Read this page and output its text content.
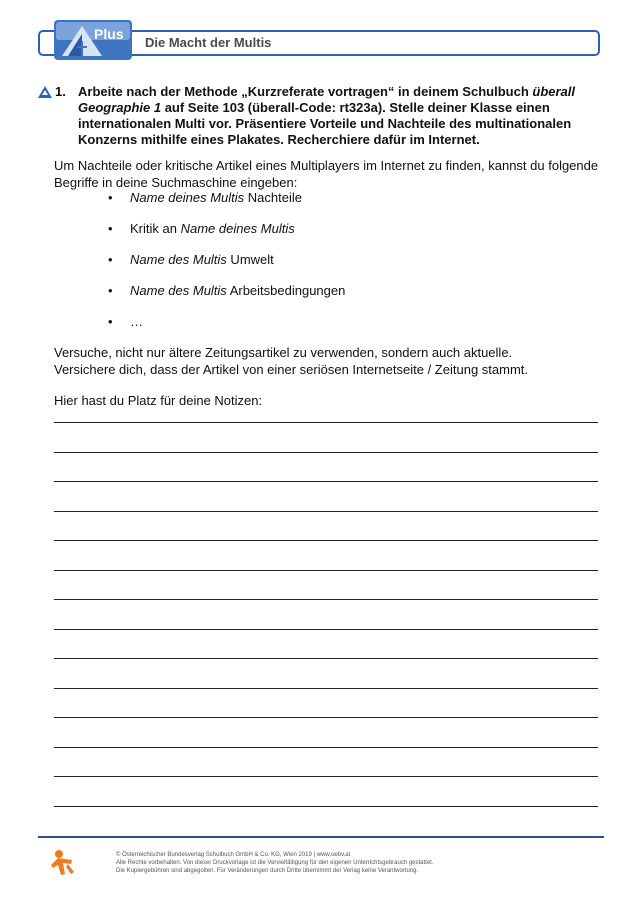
Plus
Die Macht der Multis
1. Arbeite nach der Methode „Kurzreferate vortragen“ in deinem Schulbuch überall Geographie 1 auf Seite 103 (überall-Code: rt323a). Stelle deiner Klasse einen internationalen Multi vor. Präsentiere Vorteile und Nachteile des multinationalen Konzerns mithilfe eines Plakates. Recherchiere dafür im Internet.
Um Nachteile oder kritische Artikel eines Multiplayers im Internet zu finden, kannst du folgende Begriffe in deine Suchmaschine eingeben:
• Name deines Multis Nachteile
• Kritik an Name deines Multis
• Name des Multis Umwelt
• Name des Multis Arbeitsbedingungen
• …
Versuche, nicht nur ältere Zeitungsartikel zu verwenden, sondern auch aktuelle.
Versichere dich, dass der Artikel von einer seriösen Internetseite / Zeitung stammt.
Hier hast du Platz für deine Notizen:
© Österreichischer Bundesverlag Schulbuch GmbH & Co. KG, Wien 2019 | www.oebv.at
Alle Rechte vorbehalten. Von dieser Druckvorlage ist die Vervielfältigung für den eigenen Unterrichtsgebrauch gestattet.
Die Kopiergebühren sind abgegolten. Für Veränderungen durch Dritte übernimmt der Verlag keine Verantwortung.
